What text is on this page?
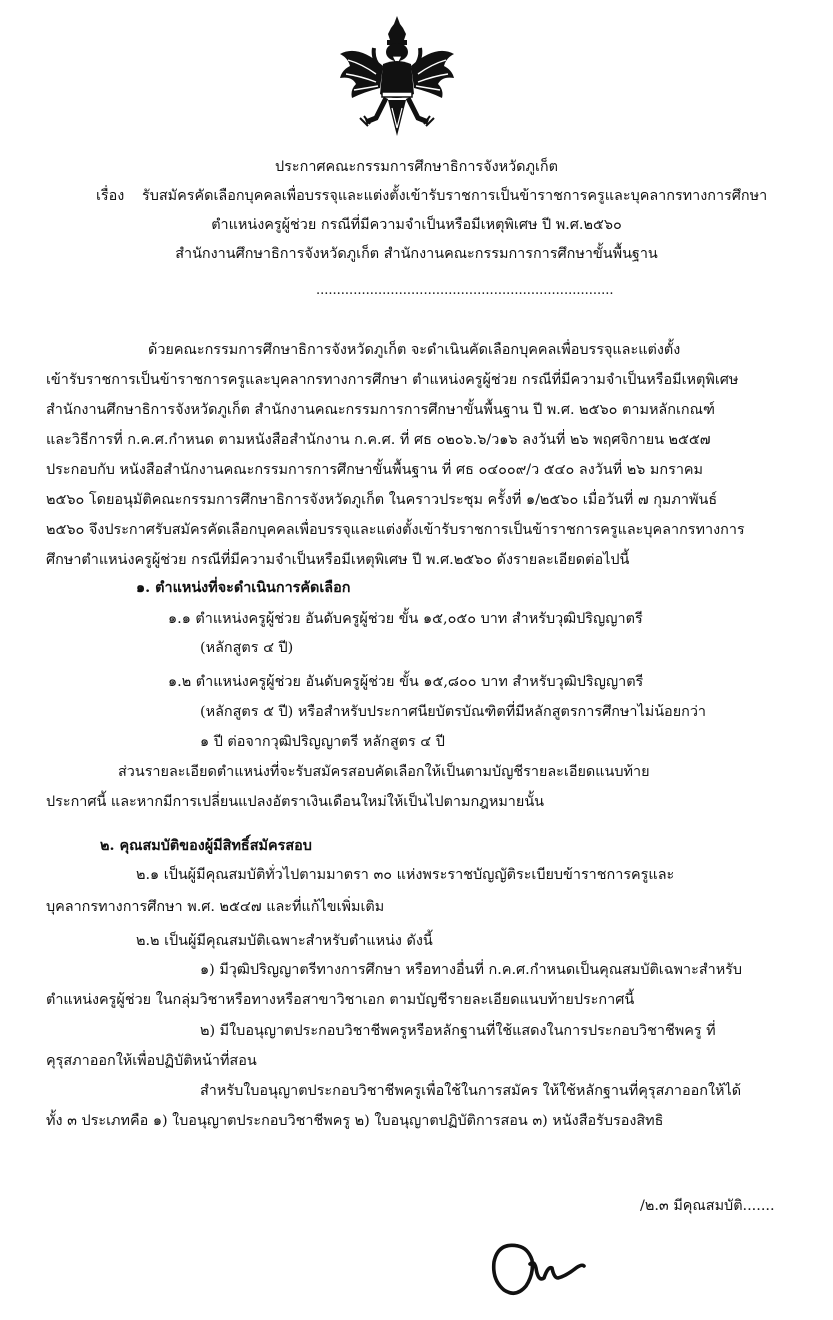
ประกาศคณะกรรมการศึกษาธิการจังหวัดภูเก็ต
เรื่อง รับสมัครคัดเลือกบุคคลเพื่อบรรจุและแต่งตั้งเข้ารับราชการเป็นข้าราชการครูและบุคลากรทางการศึกษา
ตำแหน่งครูผู้ช่วย กรณีที่มีความจำเป็นหรือมีเหตุพิเศษ ปี พ.ศ.๒๕๖๐
สำนักงานศึกษาธิการจังหวัดภูเก็ต สำนักงานคณะกรรมการการศึกษาขั้นพื้นฐาน
........................................................................
ด้วยคณะกรรมการศึกษาธิการจังหวัดภูเก็ต จะดำเนินคัดเลือกบุคคลเพื่อบรรจุและแต่งตั้ง
เข้ารับราชการเป็นข้าราชการครูและบุคลากรทางการศึกษา ตำแหน่งครูผู้ช่วย กรณีที่มีความจำเป็นหรือมีเหตุพิเศษ
สำนักงานศึกษาธิการจังหวัดภูเก็ต สำนักงานคณะกรรมการการศึกษาขั้นพื้นฐาน ปี พ.ศ. ๒๕๖๐ ตามหลักเกณฑ์
และวิธีการที่ ก.ค.ศ.กำหนด ตามหนังสือสำนักงาน ก.ค.ศ. ที่ ศธ ๐๒๐๖.๖/ว๑๖ ลงวันที่ ๒๖ พฤศจิกายน ๒๕๕๗
ประกอบกับ หนังสือสำนักงานคณะกรรมการการศึกษาขั้นพื้นฐาน ที่ ศธ ๐๔๐๐๙/ว ๕๔๐ ลงวันที่ ๒๖ มกราคม
๒๕๖๐ โดยอนุมัติคณะกรรมการศึกษาธิการจังหวัดภูเก็ต ในคราวประชุม ครั้งที่ ๑/๒๕๖๐ เมื่อวันที่ ๗ กุมภาพันธ์
๒๕๖๐ จึงประกาศรับสมัครคัดเลือกบุคคลเพื่อบรรจุและแต่งตั้งเข้ารับราชการเป็นข้าราชการครูและบุคลากรทางการ
ศึกษาตำแหน่งครูผู้ช่วย กรณีที่มีความจำเป็นหรือมีเหตุพิเศษ ปี พ.ศ.๒๕๖๐ ดังรายละเอียดต่อไปนี้
๑. ตำแหน่งที่จะดำเนินการคัดเลือก
๑.๑ ตำแหน่งครูผู้ช่วย อันดับครูผู้ช่วย ขั้น ๑๕,๐๕๐ บาท สำหรับวุฒิปริญญาตรี
(หลักสูตร ๔ ปี)
๑.๒ ตำแหน่งครูผู้ช่วย อันดับครูผู้ช่วย ขั้น ๑๕,๘๐๐ บาท สำหรับวุฒิปริญญาตรี
(หลักสูตร ๕ ปี) หรือสำหรับประกาศนียบัตรบัณฑิตที่มีหลักสูตรการศึกษาไม่น้อยกว่า
๑ ปี ต่อจากวุฒิปริญญาตรี หลักสูตร ๔ ปี
ส่วนรายละเอียดตำแหน่งที่จะรับสมัครสอบคัดเลือกให้เป็นตามบัญชีรายละเอียดแนบท้าย
ประกาศนี้ และหากมีการเปลี่ยนแปลงอัตราเงินเดือนใหม่ให้เป็นไปตามกฎหมายนั้น
๒. คุณสมบัติของผู้มีสิทธิ์สมัครสอบ
๒.๑ เป็นผู้มีคุณสมบัติทั่วไปตามมาตรา ๓๐ แห่งพระราชบัญญัติระเบียบข้าราชการครูและ
บุคลากรทางการศึกษา พ.ศ. ๒๕๔๗ และที่แก้ไขเพิ่มเติม
๒.๒ เป็นผู้มีคุณสมบัติเฉพาะสำหรับตำแหน่ง ดังนี้
๑) มีวุฒิปริญญาตรีทางการศึกษา หรือทางอื่นที่ ก.ค.ศ.กำหนดเป็นคุณสมบัติเฉพาะสำหรับ
ตำแหน่งครูผู้ช่วย ในกลุ่มวิชาหรือทางหรือสาขาวิชาเอก ตามบัญชีรายละเอียดแนบท้ายประกาศนี้
๒) มีใบอนุญาตประกอบวิชาชีพครูหรือหลักฐานที่ใช้แสดงในการประกอบวิชาชีพครู ที่
คุรุสภาออกให้เพื่อปฏิบัติหน้าที่สอน
สำหรับใบอนุญาตประกอบวิชาชีพครูเพื่อใช้ในการสมัคร ให้ใช้หลักฐานที่คุรุสภาออกให้ได้
ทั้ง ๓ ประเภทคือ ๑) ใบอนุญาตประกอบวิชาชีพครู ๒) ใบอนุญาตปฏิบัติการสอน ๓) หนังสือรับรองสิทธิ
/๒.๓ มีคุณสมบัติ.......
